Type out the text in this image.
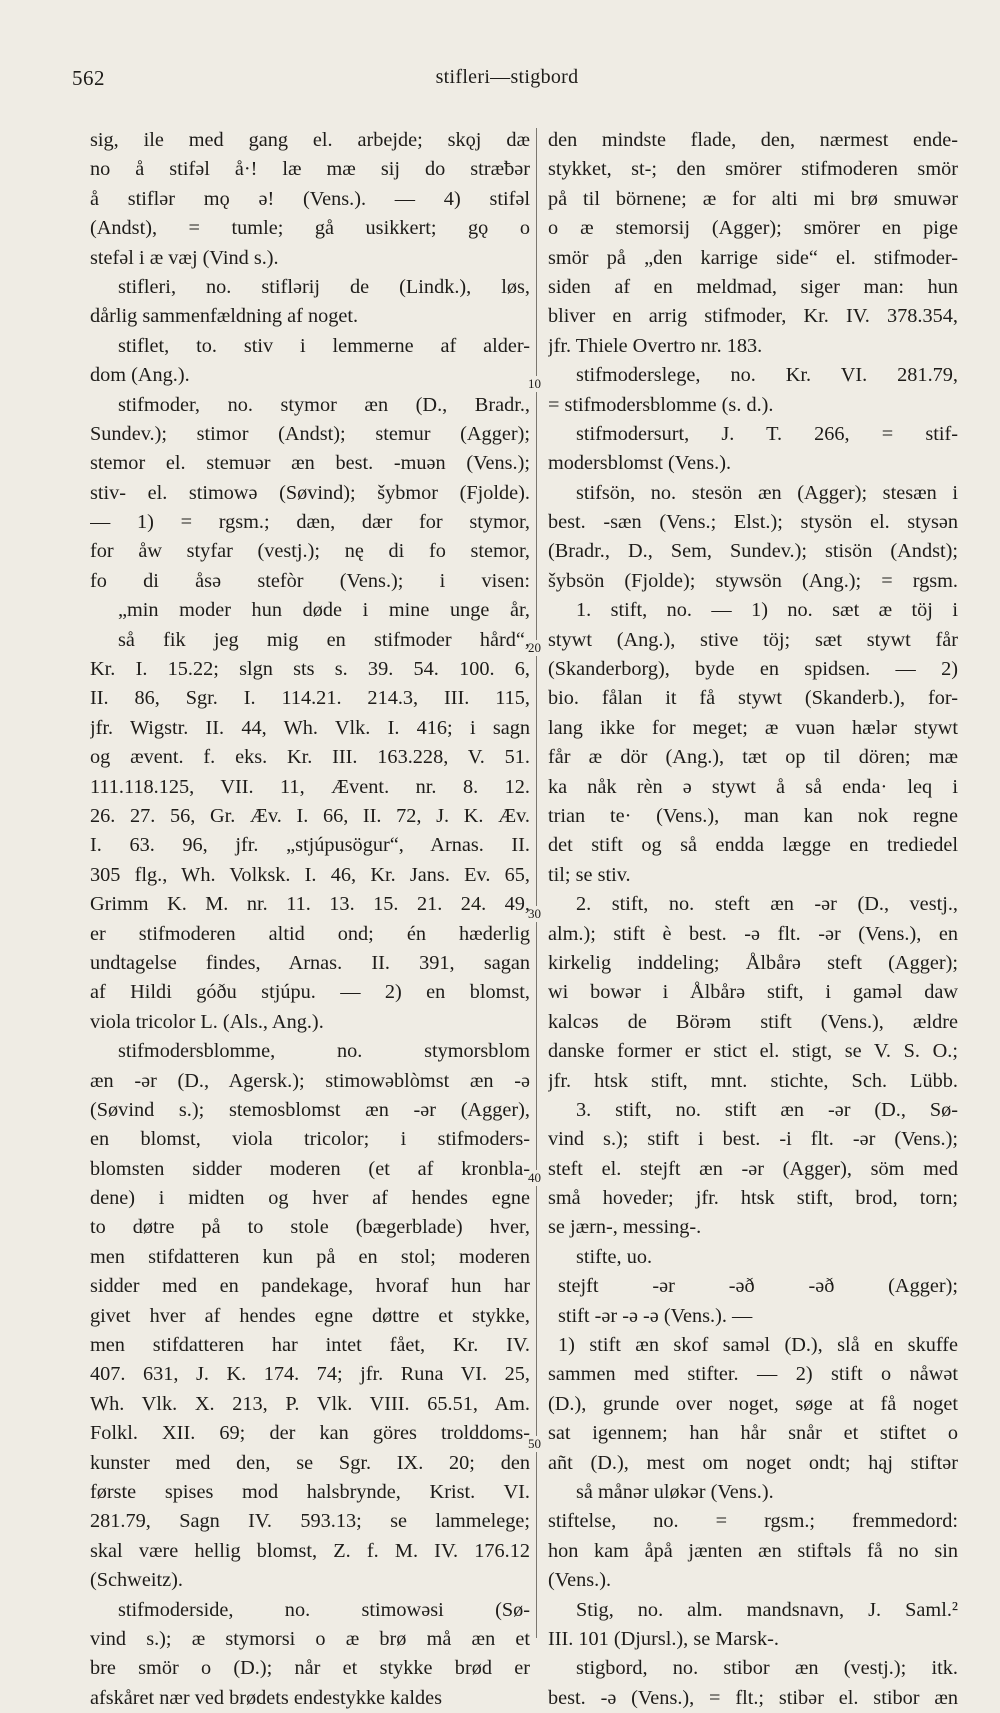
562	stifleri—stigbord
10
20
30
40
50
sig, ile med gang el. arbejde; skǫj dæ
no å stifəl å·! læ mæ sij do stræƀər
å stiflər mǫ ə! (Vens.). — 4) stifəl
(Andst), = tumle; gå usikkert; gǫ o
stefəl i æ væj (Vind s.).
stifleri, no. stiflərij de (Lindk.), løs,
dårlig sammenfældning af noget.
stiflet, to. stiv i lemmerne af alder-
dom (Ang.).
stifmoder, no. stymor æn (D., Bradr.,
Sundev.); stimor (Andst); stemur (Agger);
stemor el. stemuər æn best. -muən (Vens.);
stiv- el. stimowə (Søvind); šybmor (Fjolde).
— 1) = rgsm.; dæn, dær for stymor,
for åw styfar (vestj.); nę di fo stemor,
fo di åsə stefòr (Vens.); i visen:
„min moder hun døde i mine unge år,
så fik jeg mig en stifmoder hård“,
Kr. I. 15.22; slgn sts s. 39. 54. 100. 6,
II. 86, Sgr. I. 114.21. 214.3, III. 115,
jfr. Wigstr. II. 44, Wh. Vlk. I. 416; i sagn
og ævent. f. eks. Kr. III. 163.228, V. 51.
111.118.125, VII. 11, Ævent. nr. 8. 12.
26. 27. 56, Gr. Æv. I. 66, II. 72, J. K. Æv.
I. 63. 96, jfr. „stjúpusögur“, Arnas. II.
305 flg., Wh. Volksk. I. 46, Kr. Jans. Ev. 65,
Grimm K. M. nr. 11. 13. 15. 21. 24. 49,
er stifmoderen altid ond; én hæderlig
undtagelse findes, Arnas. II. 391, sagan
af Hildi góðu stjúpu. — 2) en blomst,
viola tricolor L. (Als., Ang.).
stifmodersblomme, no. stymorsblom
æn -ər (D., Agersk.); stimowəblòmst æn -ə
(Søvind s.); stemosblomst æn -ər (Agger),
en blomst, viola tricolor; i stifmoders-
blomsten sidder moderen (et af kronbla-
dene) i midten og hver af hendes egne
to døtre på to stole (bægerblade) hver,
men stifdatteren kun på en stol; moderen
sidder med en pandekage, hvoraf hun har
givet hver af hendes egne døttre et stykke,
men stifdatteren har intet fået, Kr. IV.
407. 631, J. K. 174. 74; jfr. Runa VI. 25,
Wh. Vlk. X. 213, P. Vlk. VIII. 65.51, Am.
Folkl. XII. 69; der kan göres trolddoms-
kunster med den, se Sgr. IX. 20; den
første spises mod halsbrynde, Krist. VI.
281.79, Sagn IV. 593.13; se lammelege;
skal være hellig blomst, Z. f. M. IV. 176.12
(Schweitz).
stifmoderside, no. stimowəsi (Sø-
vind s.); æ stymorsi o æ brø må æn et
bre smör o (D.); når et stykke brød er
afskåret nær ved brødets endestykke kaldes
den mindste flade, den, nærmest ende-
stykket, st-; den smörer stifmoderen smör
på til börnene; æ for alti mi brø smuwər
o æ stemorsij (Agger); smörer en pige
smör på „den karrige side“ el. stifmoder-
siden af en meldmad, siger man: hun
bliver en arrig stifmoder, Kr. IV. 378.354,
jfr. Thiele Overtro nr. 183.
stifmoderslege, no. Kr. VI. 281.79,
= stifmodersblomme (s. d.).
stifmodersurt, J. T. 266, = stif-
modersblomst (Vens.).
stifsön, no. stesön æn (Agger); stesæn i
best. -sæn (Vens.; Elst.); stysön el. stysən
(Bradr., D., Sem, Sundev.); stisön (Andst);
šybsön (Fjolde); stywsön (Ang.); = rgsm.
1. stift, no. — 1) no. sæt æ töj i
stywt (Ang.), stive töj; sæt stywt får
(Skanderborg), byde en spidsen. — 2)
bio. fålan it få stywt (Skanderb.), for-
lang ikke for meget; æ vuən hælər stywt
får æ dör (Ang.), tæt op til dören; mæ
ka nåk rèn ə stywt å så enda· leq i
trian te· (Vens.), man kan nok regne
det stift og så endda lægge en trediedel
til; se stiv.
2. stift, no. steft æn -ər (D., vestj.,
alm.); stift è best. -ə flt. -ər (Vens.), en
kirkelig inddeling; Ålbårə steft (Agger);
wi bowər i Ålbårə stift, i gaməl daw
kalcəs de Börəm stift (Vens.), ældre
danske former er stict el. stigt, se V. S. O.;
jfr. htsk stift, mnt. stichte, Sch. Lübb.
3. stift, no. stift æn -ər (D., Sø-
vind s.); stift i best. -i flt. -ər (Vens.);
steft el. stejft æn -ər (Agger), söm med
små hoveder; jfr. htsk stift, brod, torn;
se jærn-, messing-.
stifte, uo.
stejft -ər -əð -əð (Agger);
stift -ər -ə -ə (Vens.). —
1) stift æn skof saməl (D.), slå en skuffe
sammen med stifter. — 2) stift o nåwət
(D.), grunde over noget, søge at få noget
sat igennem; han hår snår et stiftet o
añt (D.), mest om noget ondt; hąj stiftər
så månər uløkər (Vens.).
stiftelse, no. = rgsm.; fremmedord:
hon kam åpå jænten æn stiftəls få no sin
(Vens.).
Stig, no. alm. mandsnavn, J. Saml.²
III. 101 (Djursl.), se Marsk-.
stigbord, no. stibor æn (vestj.); itk.
best. -ə (Vens.), = flt.; stibər el. stibor æn
